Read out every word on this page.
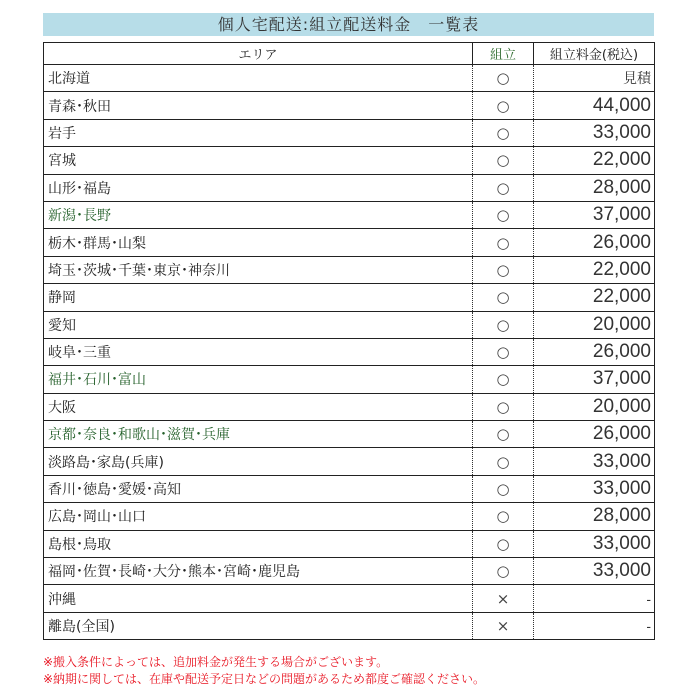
個人宅配送:組立配送料金　一覧表
エリア	組立	組立料金(税込)
北海道	○	見積
青森･秋田	○	44,000
岩手	○	33,000
宮城	○	22,000
山形･福島	○	28,000
新潟･長野	○	37,000
栃木･群馬･山梨	○	26,000
埼玉･茨城･千葉･東京･神奈川	○	22,000
静岡	○	22,000
愛知	○	20,000
岐阜･三重	○	26,000
福井･石川･富山	○	37,000
大阪	○	20,000
京都･奈良･和歌山･滋賀･兵庫	○	26,000
淡路島･家島(兵庫)	○	33,000
香川･徳島･愛媛･高知	○	33,000
広島･岡山･山口	○	28,000
島根･鳥取	○	33,000
福岡･佐賀･長崎･大分･熊本･宮崎･鹿児島	○	33,000
沖縄	×	-
離島(全国)	×	-
※搬入条件によっては、追加料金が発生する場合がございます。
※納期に関しては、在庫や配送予定日などの問題があるため都度ご確認ください。
